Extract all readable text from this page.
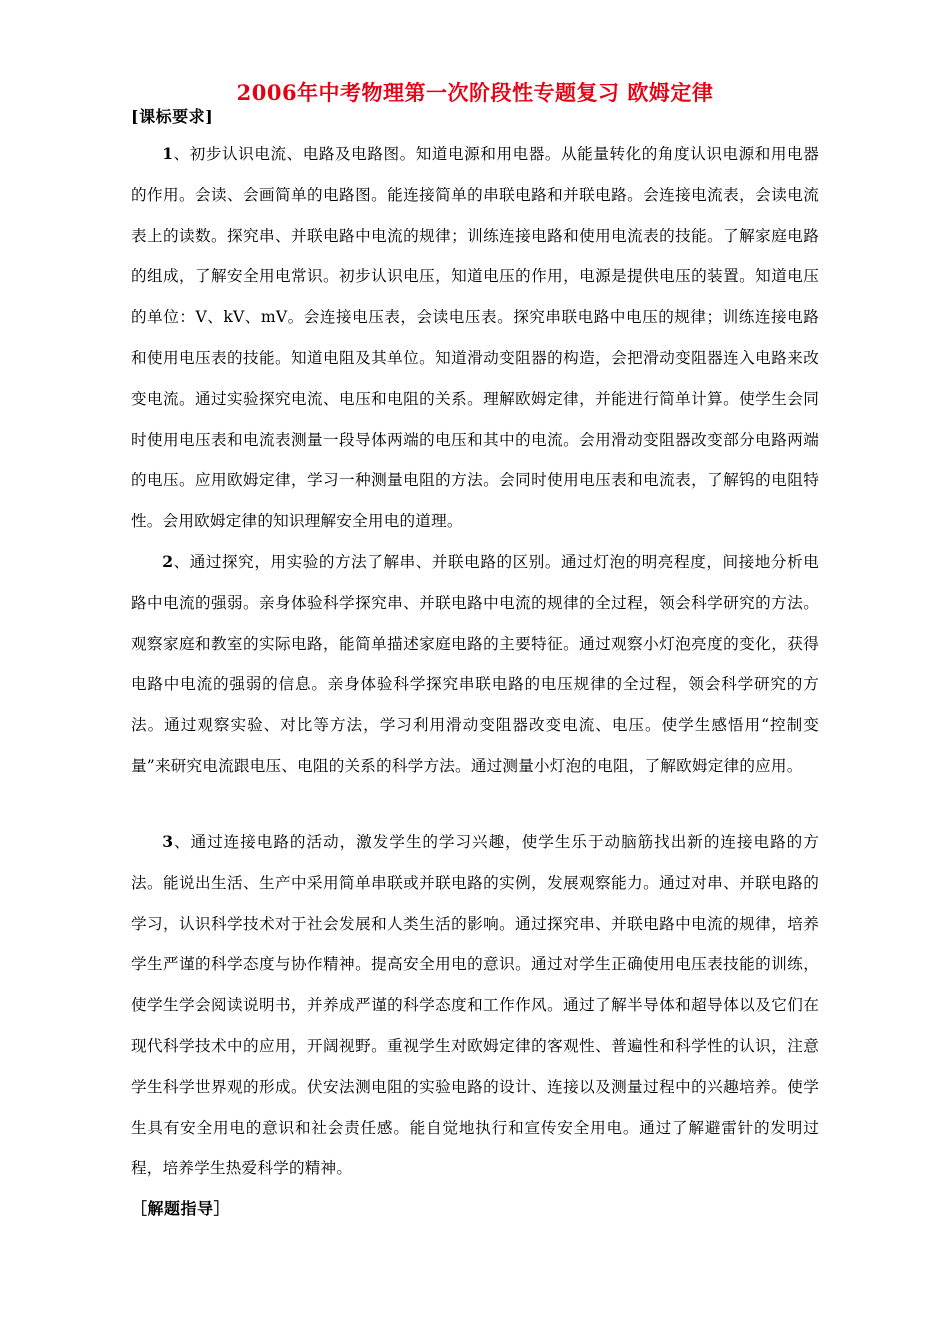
2006年中考物理第一次阶段性专题复习 欧姆定律
[课标要求]

1、初步认识电流、电路及电路图。知道电源和用电器。从能量转化的角度认识电源和用电器的作用。会读、会画简单的电路图。能连接简单的串联电路和并联电路。会连接电流表，会读电流表上的读数。探究串、并联电路中电流的规律；训练连接电路和使用电流表的技能。了解家庭电路的组成，了解安全用电常识。初步认识电压，知道电压的作用，电源是提供电压的装置。知道电压的单位：V、kV、mV。会连接电压表，会读电压表。探究串联电路中电压的规律；训练连接电路和使用电压表的技能。知道电阻及其单位。知道滑动变阻器的构造，会把滑动变阻器连入电路来改变电流。通过实验探究电流、电压和电阻的关系。理解欧姆定律，并能进行简单计算。使学生会同时使用电压表和电流表测量一段导体两端的电压和其中的电流。会用滑动变阻器改变部分电路两端的电压。应用欧姆定律，学习一种测量电阻的方法。会同时使用电压表和电流表，了解钨的电阻特性。会用欧姆定律的知识理解安全用电的道理。

2、通过探究，用实验的方法了解串、并联电路的区别。通过灯泡的明亮程度，间接地分析电路中电流的强弱。亲身体验科学探究串、并联电路中电流的规律的全过程，领会科学研究的方法。观察家庭和教室的实际电路，能简单描述家庭电路的主要特征。通过观察小灯泡亮度的变化，获得电路中电流的强弱的信息。亲身体验科学探究串联电路的电压规律的全过程，领会科学研究的方法。通过观察实验、对比等方法，学习利用滑动变阻器改变电流、电压。使学生感悟用“控制变量”来研究电流跟电压、电阻的关系的科学方法。通过测量小灯泡的电阻，了解欧姆定律的应用。

3、通过连接电路的活动，激发学生的学习兴趣，使学生乐于动脑筋找出新的连接电路的方法。能说出生活、生产中采用简单串联或并联电路的实例，发展观察能力。通过对串、并联电路的学习，认识科学技术对于社会发展和人类生活的影响。通过探究串、并联电路中电流的规律，培养学生严谨的科学态度与协作精神。提高安全用电的意识。通过对学生正确使用电压表技能的训练，使学生学会阅读说明书，并养成严谨的科学态度和工作作风。通过了解半导体和超导体以及它们在现代科学技术中的应用，开阔视野。重视学生对欧姆定律的客观性、普遍性和科学性的认识，注意学生科学世界观的形成。伏安法测电阻的实验电路的设计、连接以及测量过程中的兴趣培养。使学生具有安全用电的意识和社会责任感。能自觉地执行和宣传安全用电。通过了解避雷针的发明过程，培养学生热爱科学的精神。

［解题指导］
